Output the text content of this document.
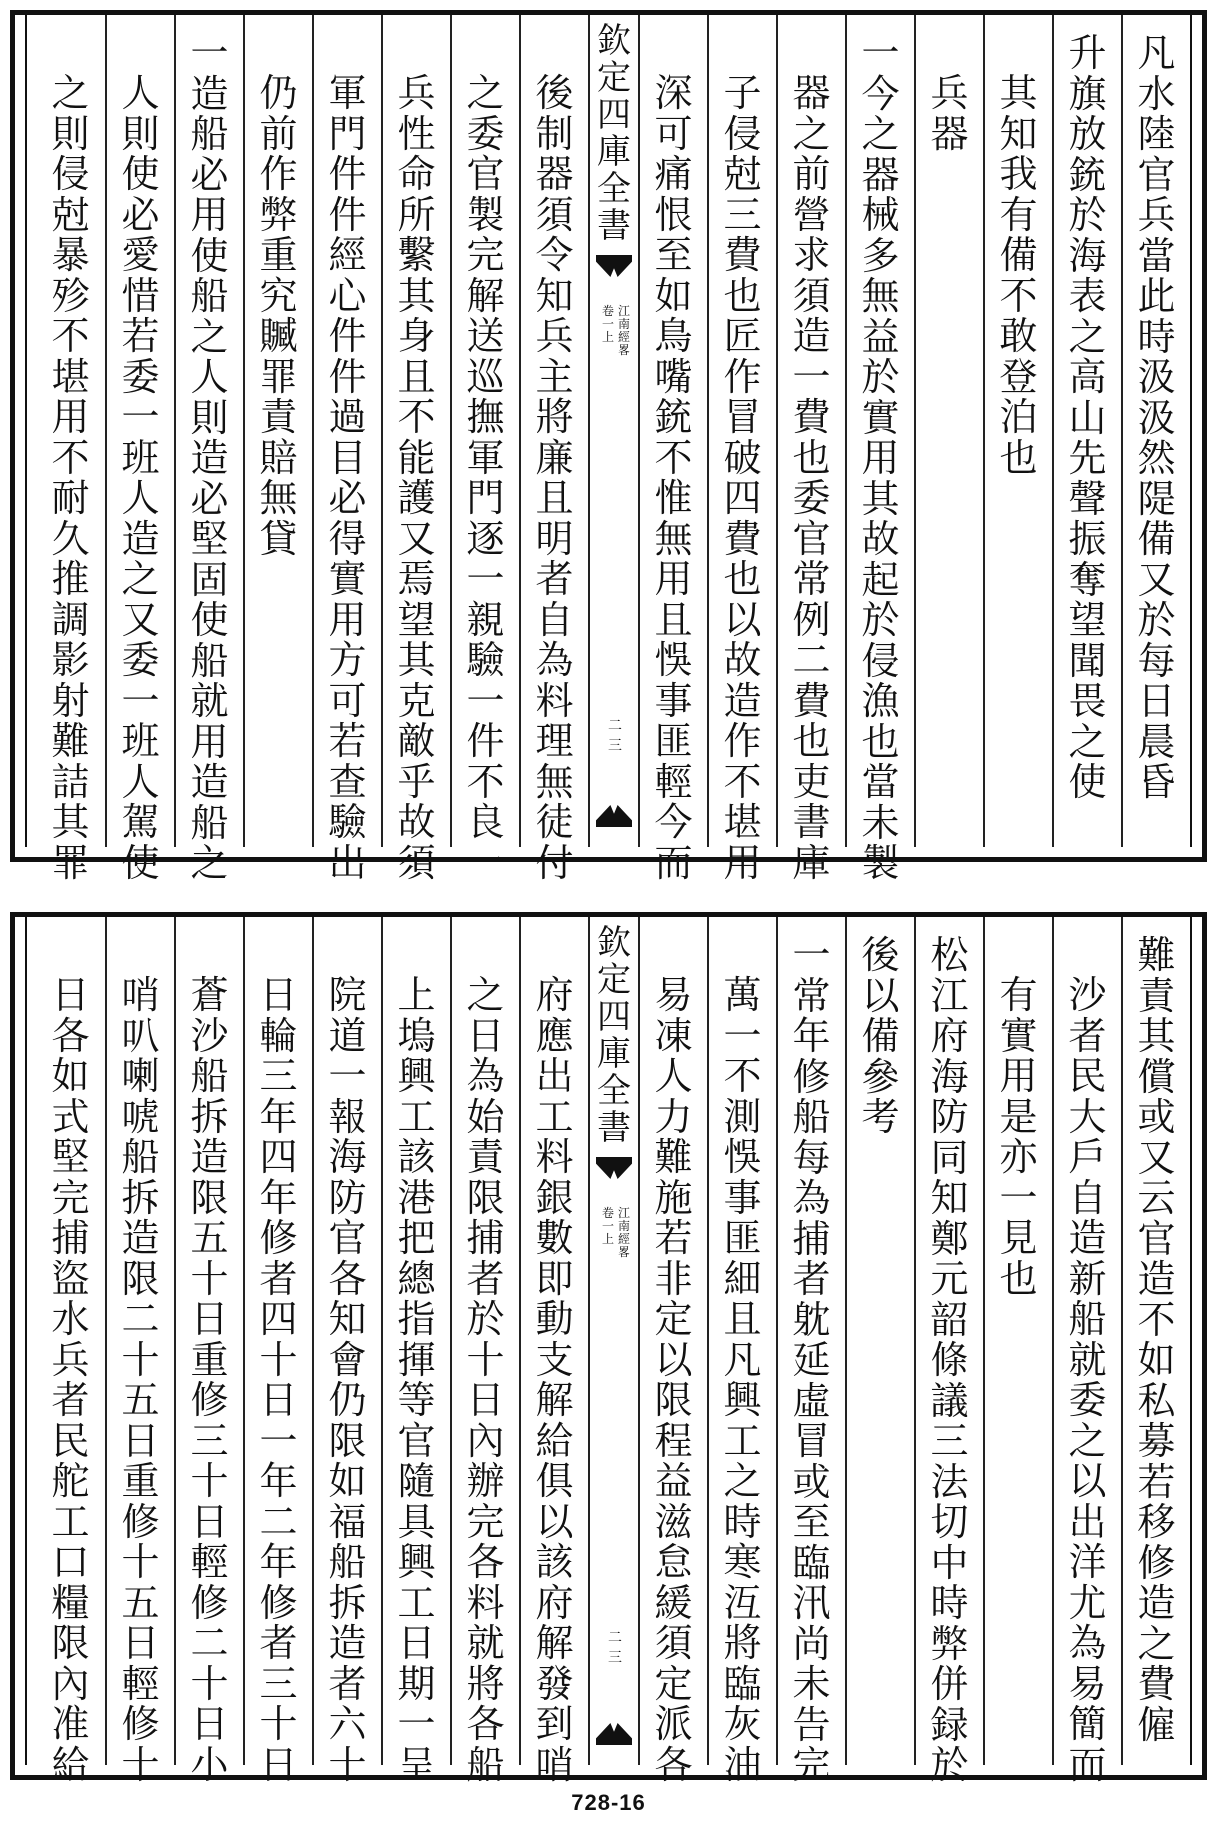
凡水陸官兵當此時汲汲然隄備又於每日晨昏
升旗放銃於海表之高山先聲振奪望聞畏之使
其知我有備不敢登泊也
兵器
一今之器械多無益於實用其故起於侵漁也當未製
器之前營求須造一費也委官常例二費也吏書庫
子侵尅三費也匠作冒破四費也以故造作不堪用
深可痛恨至如鳥嘴銃不惟無用且悞事匪輕今而
欽定四庫全書
江南經畧
卷一上
二三
後制器須令知兵主將廉且明者自為料理無徒付
之委官製完解送巡撫軍門逐一親驗一件不良一
兵性命所繫其身且不能護又焉望其克敵乎故須
軍門件件經心件件過目必得實用方可若查驗出
仍前作弊重究贓罪責賠無貸
一造船必用使船之人則造必堅固使船就用造船之
人則使必愛惜若委一班人造之又委一班人駕使
之則侵尅暴殄不堪用不耐久推調影射難詰其罪
難責其償或又云官造不如私募若移修造之費僱
沙者民大戶自造新船就委之以出洋尤為易簡而
有實用是亦一見也
松江府海防同知鄭元韶條議三法切中時弊併録於
後以備參考
一常年修船每為捕者躭延虛冒或至臨汛尚未告完
萬一不測悞事匪細且凡興工之時寒沍將臨灰油
易凍人力難施若非定以限程益滋怠緩須定派各
欽定四庫全書
江南經畧
卷一上
二三
府應出工料銀數即動支解給俱以該府解發到哨
之日為始責限捕者於十日內辦完各料就將各船
上塢興工該港把總指揮等官隨具興工日期一呈
院道一報海防官各知會仍限如福船拆造者六十
日輪三年四年修者四十日一年二年修者三十日
蒼沙船拆造限五十日重修三十日輕修二十日小
哨叭喇唬船拆造限二十五日重修十五日輕修十
日各如式堅完捕盜水兵者民舵工口糧限內准給
728-16
